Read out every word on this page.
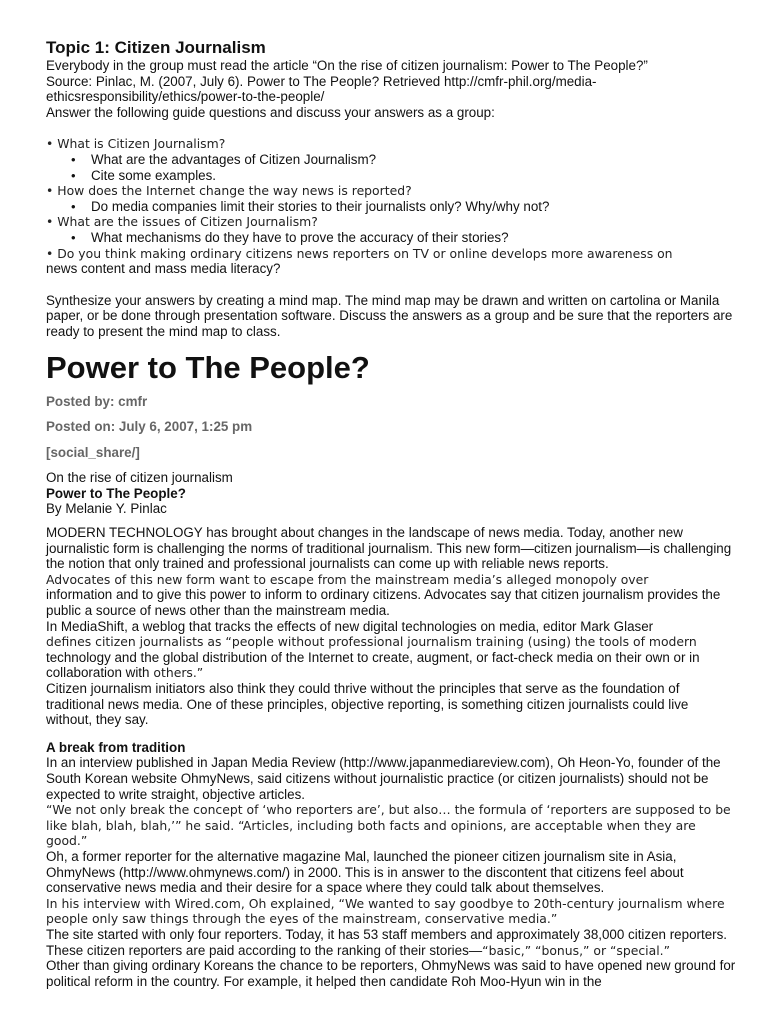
Topic 1: Citizen Journalism

Everybody in the group must read the article “On the rise of citizen journalism: Power to The People?”

Source: Pinlac, M. (2007, July 6). Power to The People? Retrieved http://cmfr-phil.org/media-ethicsresponsibility/ethics/power-to-the-people/

Answer the following guide questions and discuss your answers as a group:

• What is Citizen Journalism?

• What are the advantages of Citizen Journalism?
• Cite some examples.

• How does the Internet change the way news is reported?

• Do media companies limit their stories to their journalists only? Why/why not?

• What are the issues of Citizen Journalism?

• What mechanisms do they have to prove the accuracy of their stories?

• Do you think making ordinary citizens news reporters on TV or online develops more awareness on
news content and mass media literacy?

Synthesize your answers by creating a mind map. The mind map may be drawn and written on cartolina or Manila paper, or be done through presentation software. Discuss the answers as a group and be sure that the reporters are ready to present the mind map to class.

Power to The People?

Posted by: cmfr

Posted on: July 6, 2007, 1:25 pm

[social_share/]

On the rise of citizen journalism

Power to The People?

By Melanie Y. Pinlac

MODERN TECHNOLOGY has brought about changes in the landscape of news media. Today, another new journalistic form is challenging the norms of traditional journalism. This new form—citizen journalism—is challenging the notion that only trained and professional journalists can come up with reliable news reports.

Advocates of this new form want to escape from the mainstream media’s alleged monopoly over
information and to give this power to inform to ordinary citizens. Advocates say that citizen journalism provides the public a source of news other than the mainstream media.

In MediaShift, a weblog that tracks the effects of new digital technologies on media, editor Mark Glaser
defines citizen journalists as “people without professional journalism training (using) the tools of modern
technology and the global distribution of the Internet to create, augment, or fact-check media on their own or in collaboration with others.”

Citizen journalism initiators also think they could thrive without the principles that serve as the foundation of traditional news media. One of these principles, objective reporting, is something citizen journalists could live without, they say.

A break from tradition

In an interview published in Japan Media Review (http://www.japanmediareview.com), Oh Heon-Yo, founder of the South Korean website OhmyNews, said citizens without journalistic practice (or citizen journalists) should not be expected to write straight, objective articles.

“We not only break the concept of ‘who reporters are’, but also… the formula of ‘reporters are supposed to be like blah, blah, blah,’” he said. “Articles, including both facts and opinions, are acceptable when they are good.”

Oh, a former reporter for the alternative magazine Mal, launched the pioneer citizen journalism site in Asia, OhmyNews (http://www.ohmynews.com/) in 2000. This is in answer to the discontent that citizens feel about conservative news media and their desire for a space where they could talk about themselves.

In his interview with Wired.com, Oh explained, “We wanted to say goodbye to 20th-century journalism where people only saw things through the eyes of the mainstream, conservative media.”

The site started with only four reporters. Today, it has 53 staff members and approximately 38,000 citizen reporters. These citizen reporters are paid according to the ranking of their stories—“basic,” “bonus,” or “special.”

Other than giving ordinary Koreans the chance to be reporters, OhmyNews was said to have opened new ground for political reform in the country. For example, it helped then candidate Roh Moo-Hyun win in the
